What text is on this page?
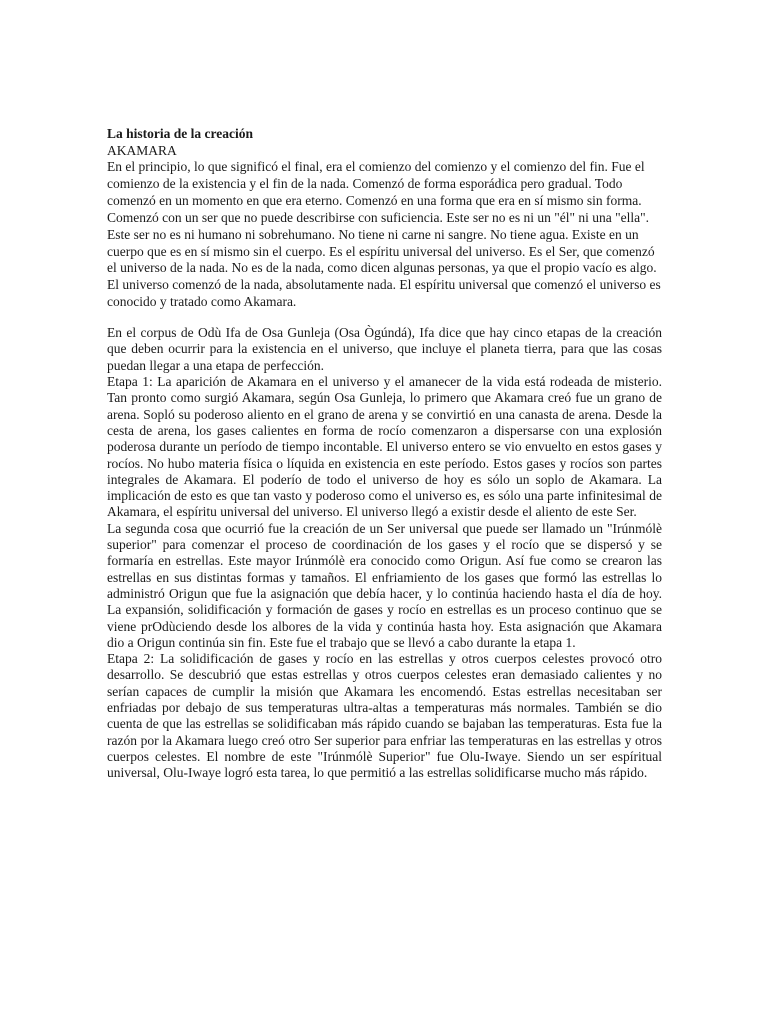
La historia de la creación
AKAMARA

En el principio, lo que significó el final, era el comienzo del comienzo y el comienzo del fin. Fue el comienzo de la existencia y el fin de la nada. Comenzó de forma esporádica pero gradual. Todo comenzó en un momento en que era eterno. Comenzó en una forma que era en sí mismo sin forma. Comenzó con un ser que no puede describirse con suficiencia. Este ser no es ni un "él" ni una "ella". Este ser no es ni humano ni sobrehumano. No tiene ni carne ni sangre. No tiene agua. Existe en un cuerpo que es en sí mismo sin el cuerpo. Es el espíritu universal del universo. Es el Ser, que comenzó el universo de la nada. No es de la nada, como dicen algunas personas, ya que el propio vacío es algo. El universo comenzó de la nada, absolutamente nada. El espíritu universal que comenzó el universo es conocido y tratado como Akamara.

En el corpus de Odù Ifa de Osa Gunleja (Osa Ògúndá), Ifa dice que hay cinco etapas de la creación que deben ocurrir para la existencia en el universo, que incluye el planeta tierra, para que las cosas puedan llegar a una etapa de perfección.

Etapa 1: La aparición de Akamara en el universo y el amanecer de la vida está rodeada de misterio. Tan pronto como surgió Akamara, según Osa Gunleja, lo primero que Akamara creó fue un grano de arena. Sopló su poderoso aliento en el grano de arena y se convirtió en una canasta de arena. Desde la cesta de arena, los gases calientes en forma de rocío comenzaron a dispersarse con una explosión poderosa durante un período de tiempo incontable. El universo entero se vio envuelto en estos gases y rocíos. No hubo materia física o líquida en existencia en este período. Estos gases y rocíos son partes integrales de Akamara. El poderío de todo el universo de hoy es sólo un soplo de Akamara. La implicación de esto es que tan vasto y poderoso como el universo es, es sólo una parte infinitesimal de Akamara, el espíritu universal del universo. El universo llegó a existir desde el aliento de este Ser.

La segunda cosa que ocurrió fue la creación de un Ser universal que puede ser llamado un "Irúnmólè superior" para comenzar el proceso de coordinación de los gases y el rocío que se dispersó y se formaría en estrellas. Este mayor Irúnmólè era conocido como Origun. Así fue como se crearon las estrellas en sus distintas formas y tamaños. El enfriamiento de los gases que formó las estrellas lo administró Origun que fue la asignación que debía hacer, y lo continúa haciendo hasta el día de hoy. La expansión, solidificación y formación de gases y rocío en estrellas es un proceso continuo que se viene prOdùciendo desde los albores de la vida y continúa hasta hoy. Esta asignación que Akamara dio a Origun continúa sin fin. Este fue el trabajo que se llevó a cabo durante la etapa 1.

Etapa 2: La solidificación de gases y rocío en las estrellas y otros cuerpos celestes provocó otro desarrollo. Se descubrió que estas estrellas y otros cuerpos celestes eran demasiado calientes y no serían capaces de cumplir la misión que Akamara les encomendó. Estas estrellas necesitaban ser enfriadas por debajo de sus temperaturas ultra-altas a temperaturas más normales. También se dio cuenta de que las estrellas se solidificaban más rápido cuando se bajaban las temperaturas. Esta fue la razón por la Akamara luego creó otro Ser superior para enfriar las temperaturas en las estrellas y otros cuerpos celestes. El nombre de este "Irúnmólè Superior" fue Olu-Iwaye. Siendo un ser espíritual universal, Olu-Iwaye logró esta tarea, lo que permitió a las estrellas solidificarse mucho más rápido.
